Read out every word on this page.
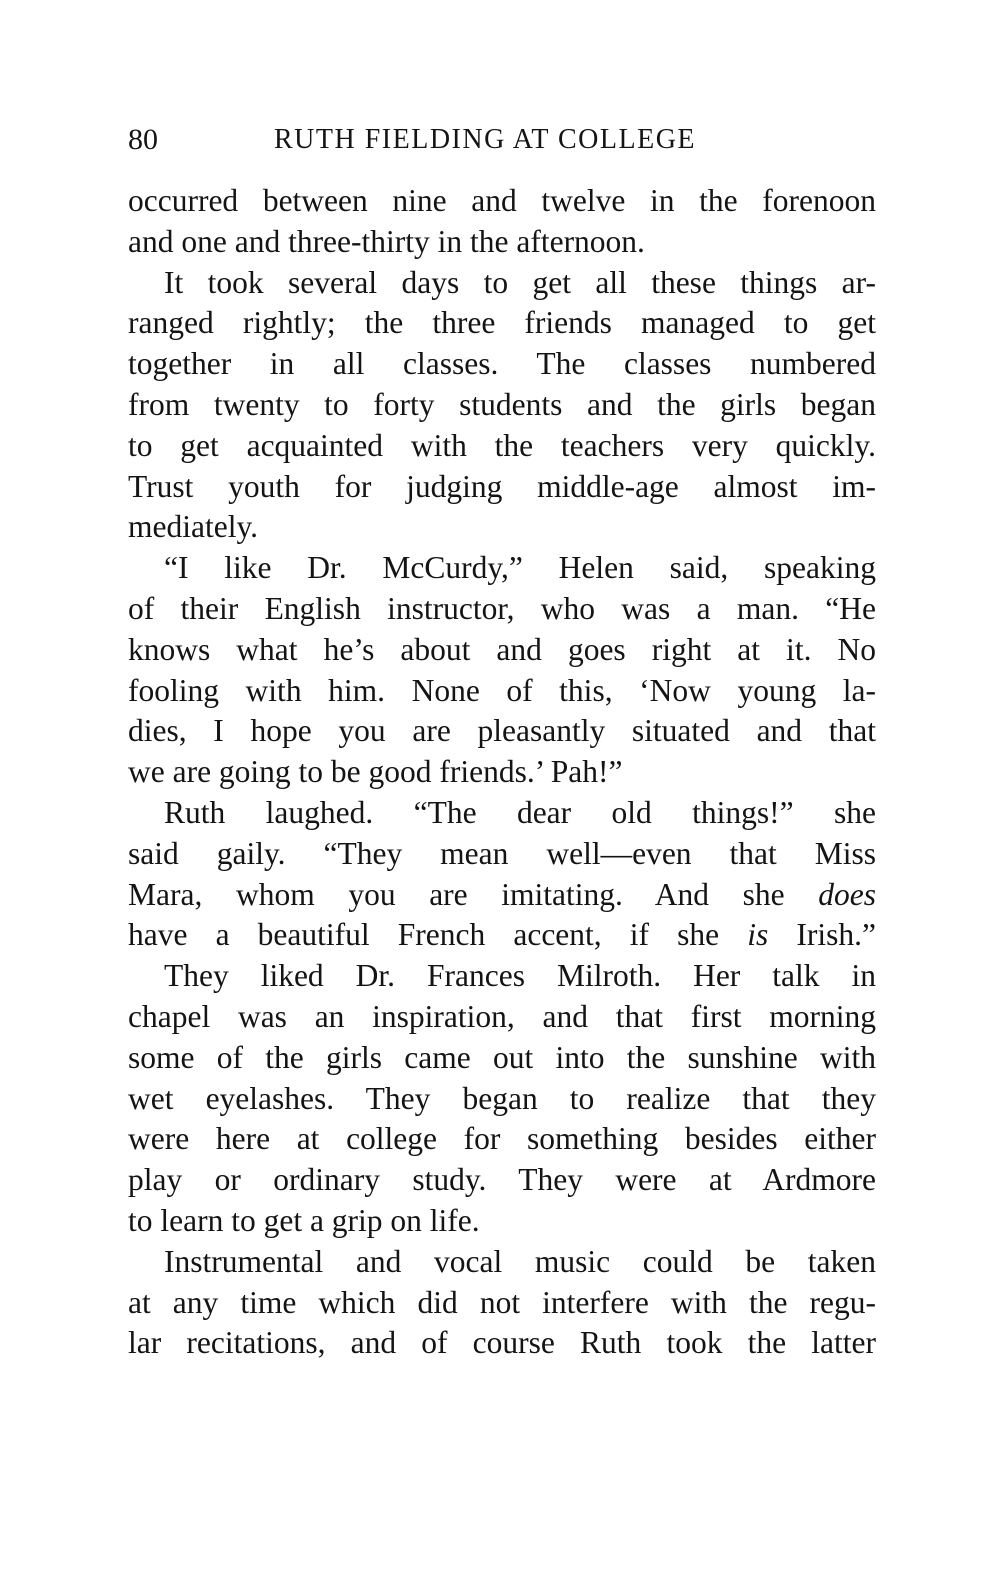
80	RUTH FIELDING AT COLLEGE
occurred between nine and twelve in the forenoon
and one and three-thirty in the afternoon.
It took several days to get all these things ar-
ranged rightly; the three friends managed to get
together in all classes. The classes numbered
from twenty to forty students and the girls began
to get acquainted with the teachers very quickly.
Trust youth for judging middle-age almost im-
mediately.
“I like Dr. McCurdy,” Helen said, speaking
of their English instructor, who was a man. “He
knows what he’s about and goes right at it. No
fooling with him. None of this, ‘Now young la-
dies, I hope you are pleasantly situated and that
we are going to be good friends.’ Pah!”
Ruth laughed. “The dear old things!” she
said gaily. “They mean well—even that Miss
Mara, whom you are imitating. And she does
have a beautiful French accent, if she is Irish.”
They liked Dr. Frances Milroth. Her talk in
chapel was an inspiration, and that first morning
some of the girls came out into the sunshine with
wet eyelashes. They began to realize that they
were here at college for something besides either
play or ordinary study. They were at Ardmore
to learn to get a grip on life.
Instrumental and vocal music could be taken
at any time which did not interfere with the regu-
lar recitations, and of course Ruth took the latter
